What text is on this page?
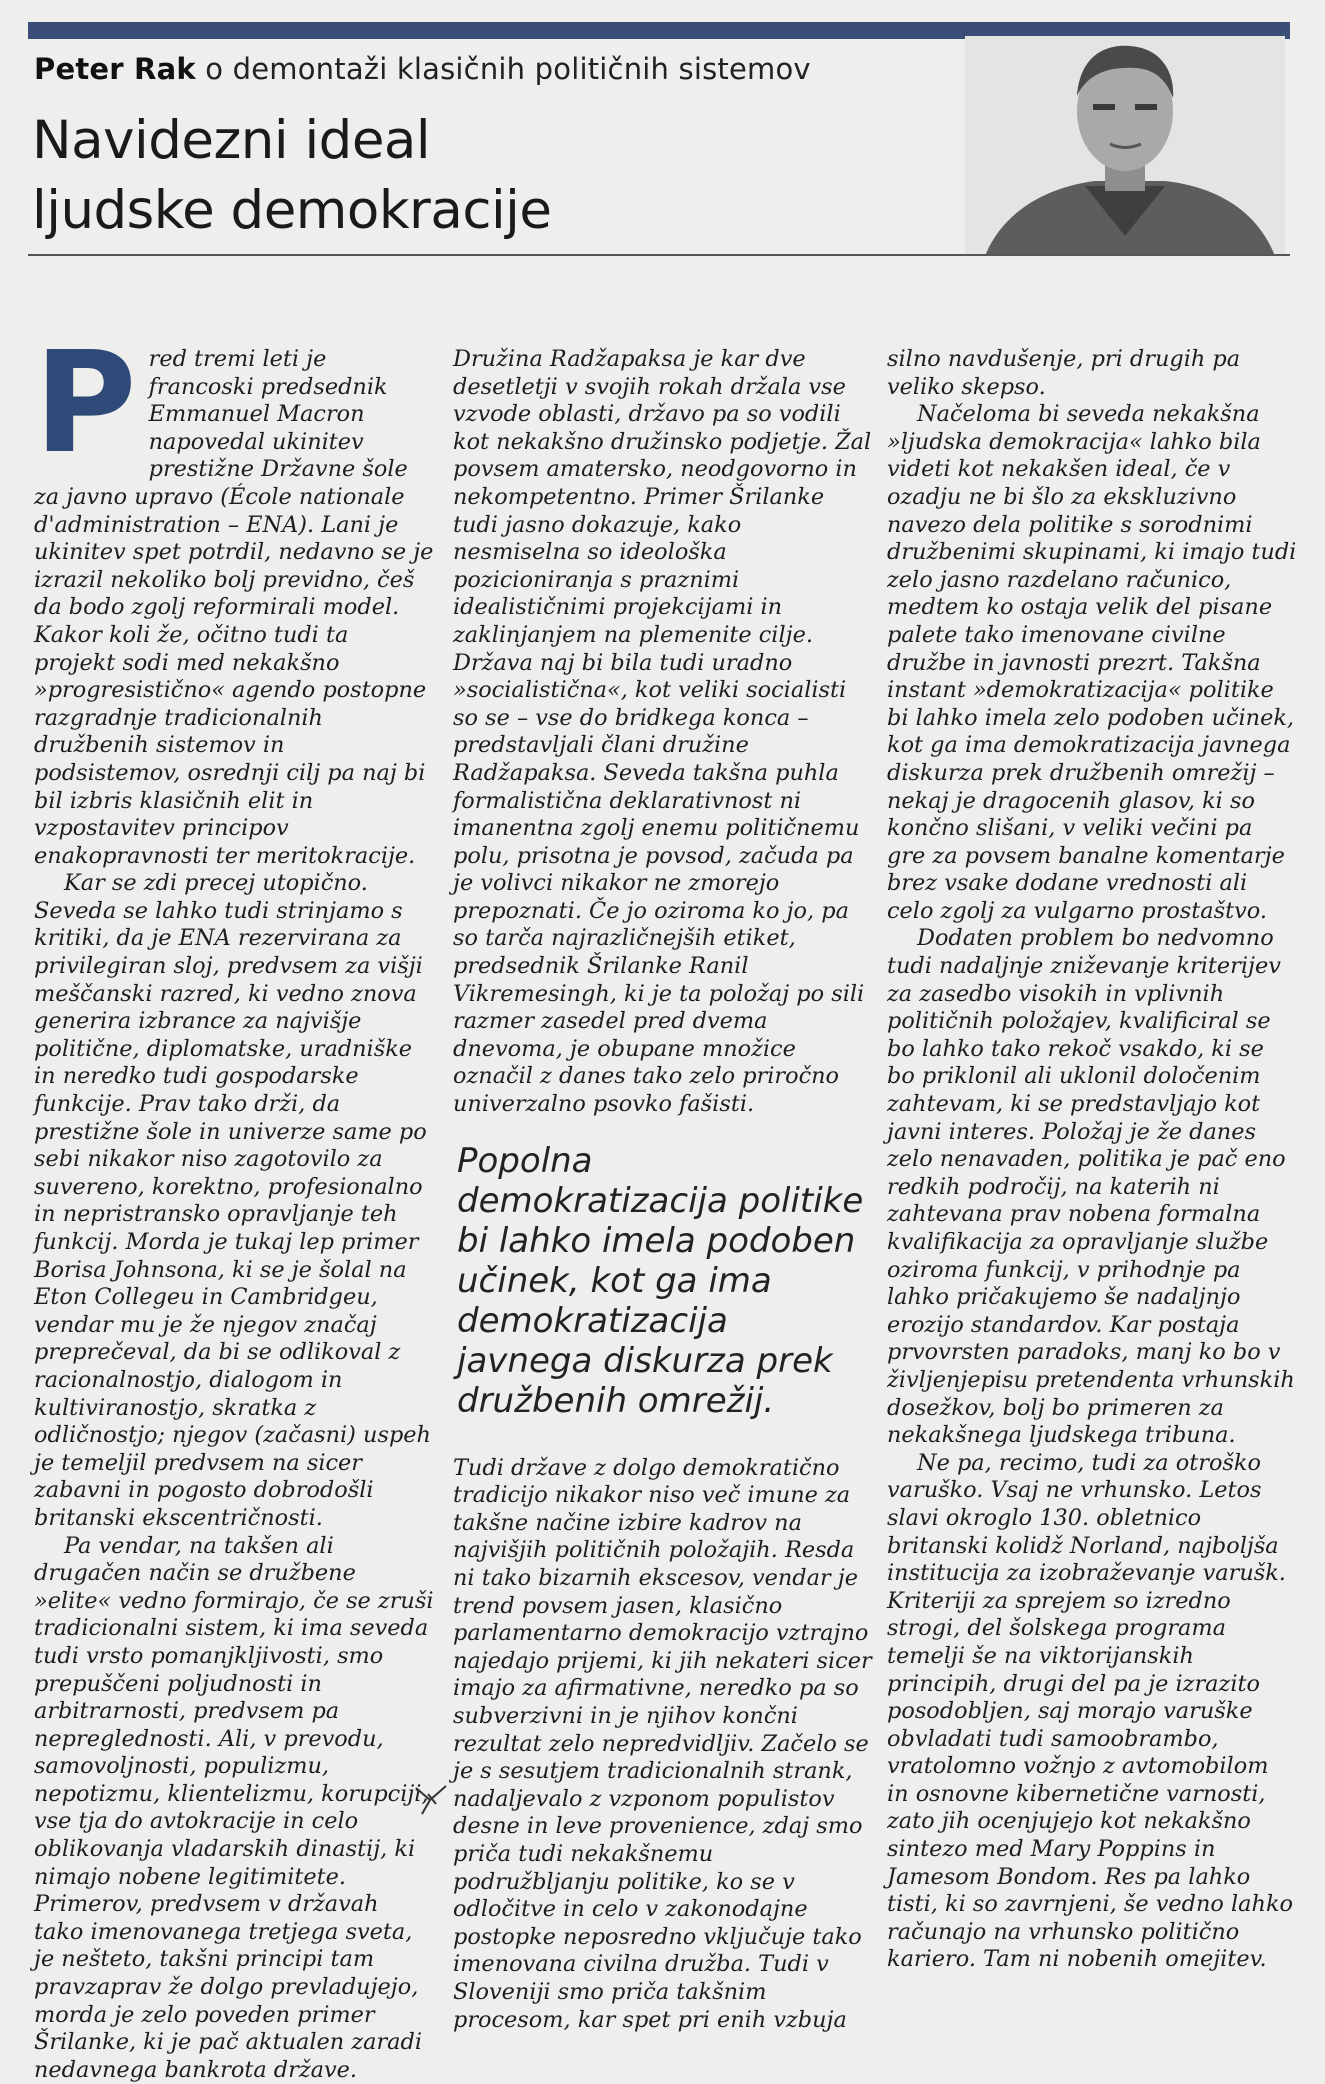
Peter Rak o demontaži klasičnih političnih sistemov
Navidezni ideal
ljudske demokracije

Pred tremi leti je francoski predsednik Emmanuel Macron napovedal ukinitev prestižne Državne šole za javno upravo (École nationale d'administration – ENA). Lani je ukinitev spet potrdil, nedavno se je izrazil nekoliko bolj previdno, češ da bodo zgolj reformirali model. Kakor koli že, očitno tudi ta projekt sodi med nekakšno »progresistično« agendo postopne razgradnje tradicionalnih družbenih sistemov in podsistemov, osrednji cilj pa naj bi bil izbris klasičnih elit in vzpostavitev principov enakopravnosti ter meritokracije.

Kar se zdi precej utopično. Seveda se lahko tudi strinjamo s kritiki, da je ENA rezervirana za privilegiran sloj, predvsem za višji meščanski razred, ki vedno znova generira izbrance za najvišje politične, diplomatske, uradniške in neredko tudi gospodarske funkcije. Prav tako drži, da prestižne šole in univerze same po sebi nikakor niso zagotovilo za suvereno, korektno, profesionalno in nepristransko opravljanje teh funkcij. Morda je tukaj lep primer Borisa Johnsona, ki se je šolal na Eton Collegeu in Cambridgeu, vendar mu je že njegov značaj preprečeval, da bi se odlikoval z racionalnostjo, dialogom in kultiviranostjo, skratka z odličnostjo; njegov (začasni) uspeh je temeljil predvsem na sicer zabavni in pogosto dobrodošli britanski ekscentričnosti.

Pa vendar, na takšen ali drugačen način se družbene »elite« vedno formirajo, če se zruši tradicionalni sistem, ki ima seveda tudi vrsto pomanjkljivosti, smo prepuščeni poljudnosti in arbitrarnosti, predvsem pa nepreglednosti. Ali, v prevodu, samovoljnosti, populizmu, nepotizmu, klientelizmu, korupciji, vse tja do avtokracije in celo oblikovanja vladarskih dinastij, ki nimajo nobene legitimitete. Primerov, predvsem v državah tako imenovanega tretjega sveta, je nešteto, takšni principi tam pravzaprav že dolgo prevladujejo, morda je zelo poveden primer Šrilanke, ki je pač aktualen zaradi nedavnega bankrota države.

Družina Radžapaksa je kar dve desetletji v svojih rokah držala vse vzvode oblasti, državo pa so vodili kot nekakšno družinsko podjetje. Žal povsem amatersko, neodgovorno in nekompetentno. Primer Šrilanke tudi jasno dokazuje, kako nesmiselna so ideološka pozicioniranja s praznimi idealističnimi projekcijami in zaklinjanjem na plemenite cilje. Država naj bi bila tudi uradno »socialistična«, kot veliki socialisti so se – vse do bridkega konca – predstavljali člani družine Radžapaksa. Seveda takšna puhla formalistična deklarativnost ni imanentna zgolj enemu političnemu polu, prisotna je povsod, začuda pa je volivci nikakor ne zmorejo prepoznati. Če jo oziroma ko jo, pa so tarča najrazličnejših etiket, predsednik Šrilanke Ranil Vikremesingh, ki je ta položaj po sili razmer zasedel pred dvema dnevoma, je obupane množice označil z danes tako zelo priročno univerzalno psovko fašisti.

Popolna demokratizacija politike bi lahko imela podoben učinek, kot ga ima demokratizacija javnega diskurza prek družbenih omrežij.

Tudi države z dolgo demokratično tradicijo nikakor niso več imune za takšne načine izbire kadrov na najvišjih političnih položajih. Resda ni tako bizarnih ekscesov, vendar je trend povsem jasen, klasično parlamentarno demokracijo vztrajno najedajo prijemi, ki jih nekateri sicer imajo za afirmativne, neredko pa so subverzivni in je njihov končni rezultat zelo nepredvidljiv. Začelo se je s sesutjem tradicionalnih strank, nadaljevalo z vzponom populistov desne in leve provenience, zdaj smo priča tudi nekakšnemu podružbljanju politike, ko se v odločitve in celo v zakonodajne postopke neposredno vključuje tako imenovana civilna družba. Tudi v Sloveniji smo priča takšnim procesom, kar spet pri enih vzbuja

silno navdušenje, pri drugih pa veliko skepso.

Načeloma bi seveda nekakšna »ljudska demokracija« lahko bila videti kot nekakšen ideal, če v ozadju ne bi šlo za ekskluzivno navezo dela politike s sorodnimi družbenimi skupinami, ki imajo tudi zelo jasno razdelano računico, medtem ko ostaja velik del pisane palete tako imenovane civilne družbe in javnosti prezrt. Takšna instant »demokratizacija« politike bi lahko imela zelo podoben učinek, kot ga ima demokratizacija javnega diskurza prek družbenih omrežij – nekaj je dragocenih glasov, ki so končno slišani, v veliki večini pa gre za povsem banalne komentarje brez vsake dodane vrednosti ali celo zgolj za vulgarno prostaštvo.

Dodaten problem bo nedvomno tudi nadaljnje zniževanje kriterijev za zasedbo visokih in vplivnih političnih položajev, kvalificiral se bo lahko tako rekoč vsakdo, ki se bo priklonil ali uklonil določenim zahtevam, ki se predstavljajo kot javni interes. Položaj je že danes zelo nenavaden, politika je pač eno redkih področij, na katerih ni zahtevana prav nobena formalna kvalifikacija za opravljanje službe oziroma funkcij, v prihodnje pa lahko pričakujemo še nadaljnjo erozijo standardov. Kar postaja prvovrsten paradoks, manj ko bo v življenjepisu pretendenta vrhunskih dosežkov, bolj bo primeren za nekakšnega ljudskega tribuna.

Ne pa, recimo, tudi za otroško varuško. Vsaj ne vrhunsko. Letos slavi okroglo 130. obletnico britanski kolidž Norland, najboljša institucija za izobraževanje varušk. Kriteriji za sprejem so izredno strogi, del šolskega programa temelji še na viktorijanskih principih, drugi del pa je izrazito posodobljen, saj morajo varuške obvladati tudi samoobrambo, vratolomno vožnjo z avtomobilom in osnovne kibernetične varnosti, zato jih ocenjujejo kot nekakšno sintezo med Mary Poppins in Jamesom Bondom. Res pa lahko tisti, ki so zavrnjeni, še vedno lahko računajo na vrhunsko politično kariero. Tam ni nobenih omejitev.
